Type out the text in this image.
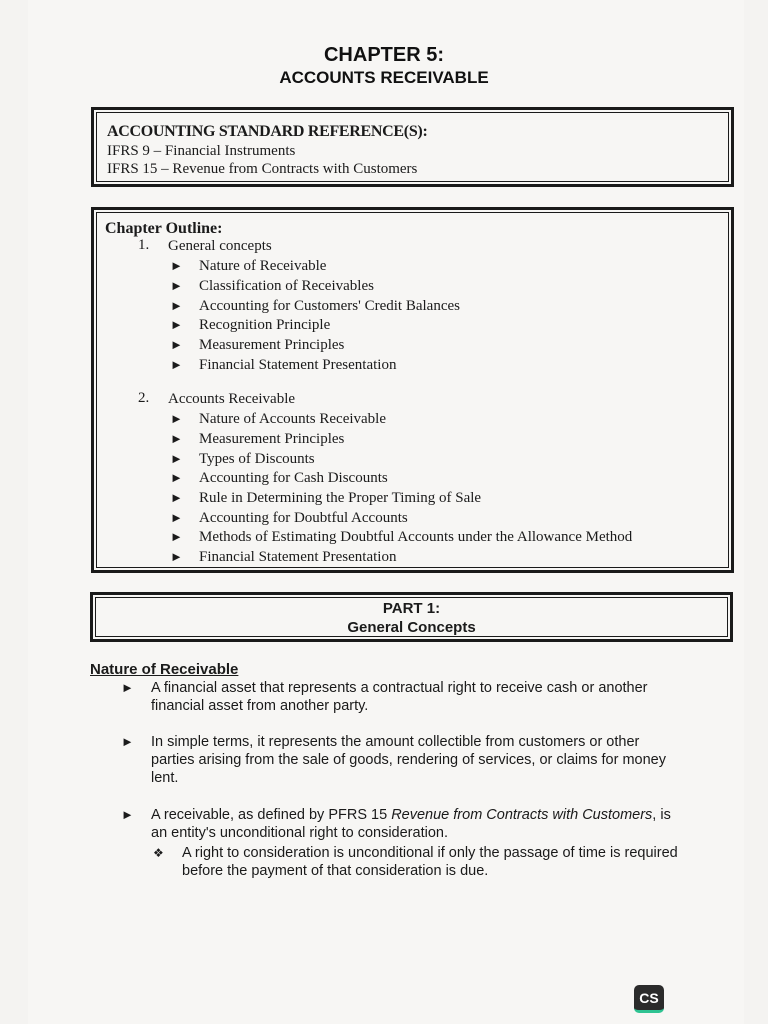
CHAPTER 5:
ACCOUNTS RECEIVABLE
ACCOUNTING STANDARD REFERENCE(S):
IFRS 9 – Financial Instruments
IFRS 15 – Revenue from Contracts with Customers
Chapter Outline:
1. General concepts
► Nature of Receivable
► Classification of Receivables
► Accounting for Customers' Credit Balances
► Recognition Principle
► Measurement Principles
► Financial Statement Presentation
2. Accounts Receivable
► Nature of Accounts Receivable
► Measurement Principles
► Types of Discounts
► Accounting for Cash Discounts
► Rule in Determining the Proper Timing of Sale
► Accounting for Doubtful Accounts
► Methods of Estimating Doubtful Accounts under the Allowance Method
► Financial Statement Presentation
PART 1:
General Concepts
Nature of Receivable
► A financial asset that represents a contractual right to receive cash or another
financial asset from another party.
► In simple terms, it represents the amount collectible from customers or other
parties arising from the sale of goods, rendering of services, or claims for money
lent.
► A receivable, as defined by PFRS 15 Revenue from Contracts with Customers, is
an entity's unconditional right to consideration.
❖ A right to consideration is unconditional if only the passage of time is required
before the payment of that consideration is due.
CS
